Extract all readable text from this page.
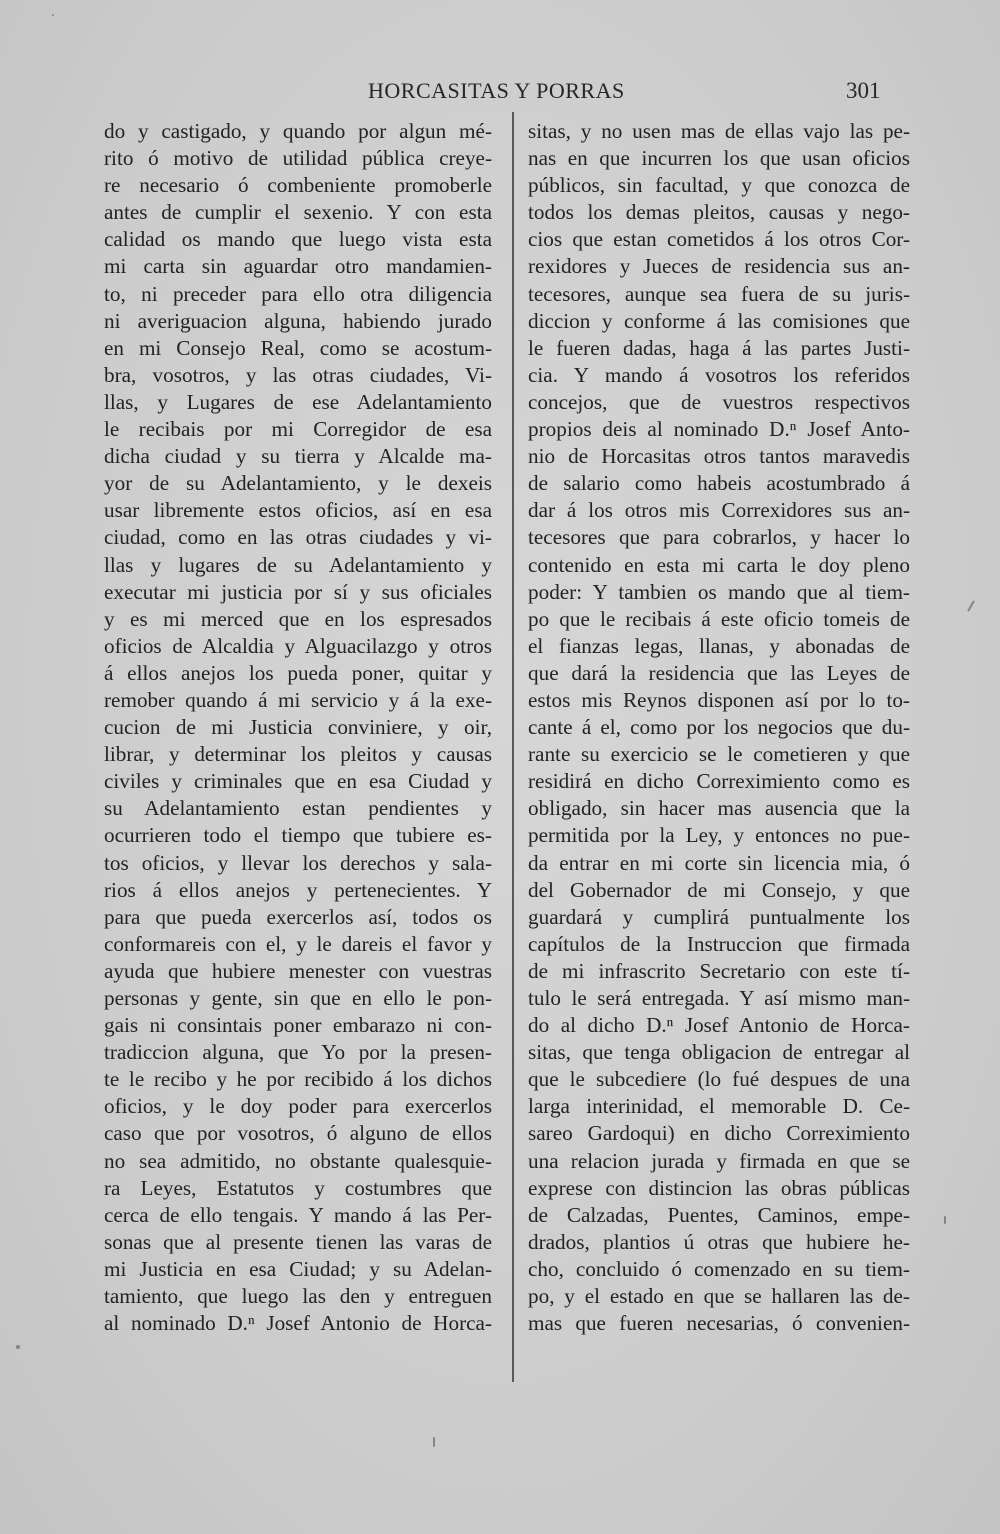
HORCASITAS Y PORRAS	301
do y castigado, y quando por algun mé-
rito ó motivo de utilidad pública creye-
re necesario ó combeniente promoberle
antes de cumplir el sexenio. Y con esta
calidad os mando que luego vista esta
mi carta sin aguardar otro mandamien-
to, ni preceder para ello otra diligencia
ni averiguacion alguna, habiendo jurado
en mi Consejo Real, como se acostum-
bra, vosotros, y las otras ciudades, Vi-
llas, y Lugares de ese Adelantamiento
le recibais por mi Corregidor de esa
dicha ciudad y su tierra y Alcalde ma-
yor de su Adelantamiento, y le dexeis
usar libremente estos oficios, así en esa
ciudad, como en las otras ciudades y vi-
llas y lugares de su Adelantamiento y
executar mi justicia por sí y sus oficiales
y es mi merced que en los espresados
oficios de Alcaldia y Alguacilazgo y otros
á ellos anejos los pueda poner, quitar y
remober quando á mi servicio y á la exe-
cucion de mi Justicia conviniere, y oir,
librar, y determinar los pleitos y causas
civiles y criminales que en esa Ciudad y
su Adelantamiento estan pendientes y
ocurrieren todo el tiempo que tubiere es-
tos oficios, y llevar los derechos y sala-
rios á ellos anejos y pertenecientes. Y
para que pueda exercerlos así, todos os
conformareis con el, y le dareis el favor y
ayuda que hubiere menester con vuestras
personas y gente, sin que en ello le pon-
gais ni consintais poner embarazo ni con-
tradiccion alguna, que Yo por la presen-
te le recibo y he por recibido á los dichos
oficios, y le doy poder para exercerlos
caso que por vosotros, ó alguno de ellos
no sea admitido, no obstante qualesquie-
ra Leyes, Estatutos y costumbres que
cerca de ello tengais. Y mando á las Per-
sonas que al presente tienen las varas de
mi Justicia en esa Ciudad; y su Adelan-
tamiento, que luego las den y entreguen
al nominado D.ⁿ Josef Antonio de Horca-
sitas, y no usen mas de ellas vajo las pe-
nas en que incurren los que usan oficios
públicos, sin facultad, y que conozca de
todos los demas pleitos, causas y nego-
cios que estan cometidos á los otros Cor-
rexidores y Jueces de residencia sus an-
tecesores, aunque sea fuera de su juris-
diccion y conforme á las comisiones que
le fueren dadas, haga á las partes Justi-
cia. Y mando á vosotros los referidos
concejos, que de vuestros respectivos
propios deis al nominado D.ⁿ Josef Anto-
nio de Horcasitas otros tantos maravedis
de salario como habeis acostumbrado á
dar á los otros mis Correxidores sus an-
tecesores que para cobrarlos, y hacer lo
contenido en esta mi carta le doy pleno
poder: Y tambien os mando que al tiem-
po que le recibais á este oficio tomeis de
el fianzas legas, llanas, y abonadas de
que dará la residencia que las Leyes de
estos mis Reynos disponen así por lo to-
cante á el, como por los negocios que du-
rante su exercicio se le cometieren y que
residirá en dicho Correximiento como es
obligado, sin hacer mas ausencia que la
permitida por la Ley, y entonces no pue-
da entrar en mi corte sin licencia mia, ó
del Gobernador de mi Consejo, y que
guardará y cumplirá puntualmente los
capítulos de la Instruccion que firmada
de mi infrascrito Secretario con este tí-
tulo le será entregada. Y así mismo man-
do al dicho D.ⁿ Josef Antonio de Horca-
sitas, que tenga obligacion de entregar al
que le subcediere (lo fué despues de una
larga interinidad, el memorable D. Ce-
sareo Gardoqui) en dicho Correximiento
una relacion jurada y firmada en que se
exprese con distincion las obras públicas
de Calzadas, Puentes, Caminos, empe-
drados, plantios ú otras que hubiere he-
cho, concluido ó comenzado en su tiem-
po, y el estado en que se hallaren las de-
mas que fueren necesarias, ó convenien-
